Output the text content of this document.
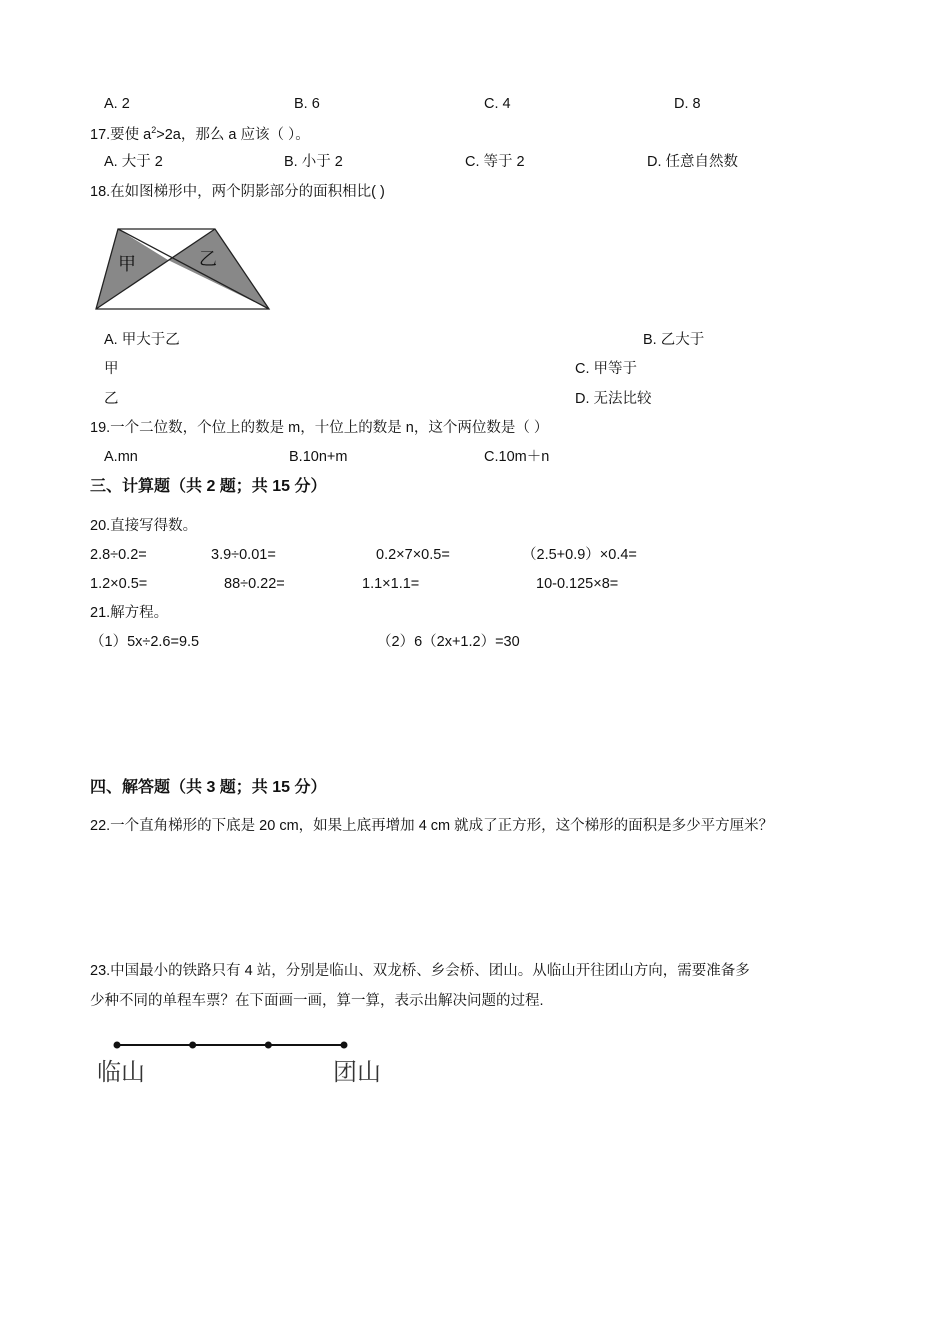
A. 2	B. 6	C. 4	D. 8
17.要使 $a^2>2a$，那么 a 应该（ ）。
A. 大于 2	B. 小于 2	C. 等于 2	D. 任意自然数
18.在如图梯形中，两个阴影部分的面积相比( )
甲	乙
A. 甲大于乙	B. 乙大于
甲	C. 甲等于
乙	D. 无法比较
19.一个二位数，个位上的数是 m，十位上的数是 n，这个两位数是（ ）
A.mn	B.10n+m	C.10m＋n
三、计算题（共 2 题；共 15 分）
20.直接写得数。
2.8÷0.2=	3.9÷0.01=	0.2×7×0.5=	（2.5+0.9）×0.4=
1.2×0.5=	88÷0.22=	1.1×1.1=	10-0.125×8=
21.解方程。
（1）5x÷2.6=9.5	（2）6（2x+1.2）=30
四、解答题（共 3 题；共 15 分）
22.一个直角梯形的下底是 20 cm，如果上底再增加 4 cm 就成了正方形，这个梯形的面积是多少平方厘米？
23.中国最小的铁路只有 4 站，分别是临山、双龙桥、乡会桥、团山。从临山开往团山方向，需要准备多
少种不同的单程车票？在下面画一画，算一算，表示出解决问题的过程.
临山	团山
